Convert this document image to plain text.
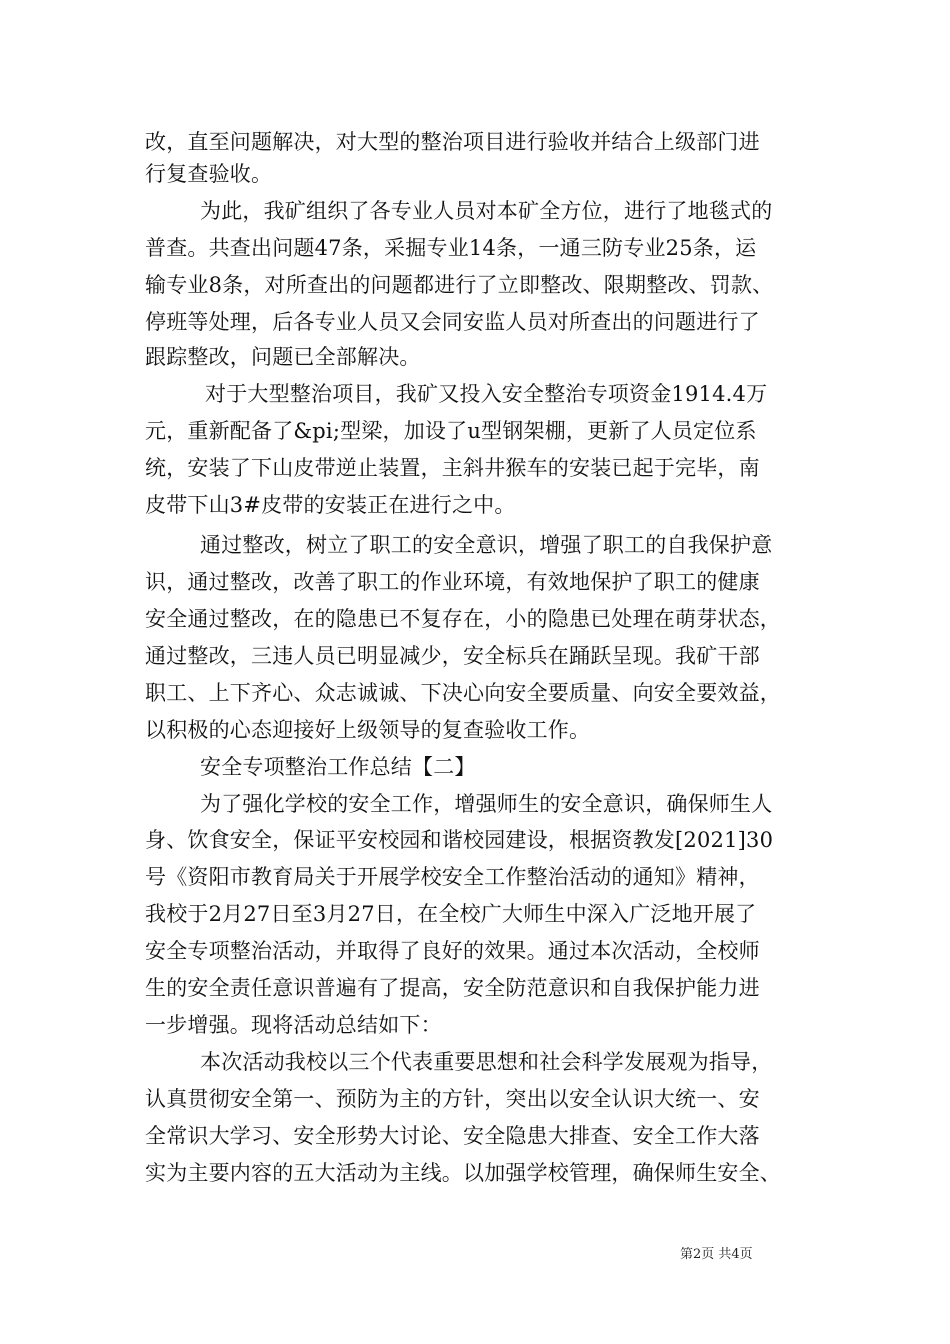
改，直至问题解决，对大型的整治项目进行验收并结合上级部门进
行复查验收。
为此，我矿组织了各专业人员对本矿全方位，进行了地毯式的
普查。共查出问题47条，采掘专业14条，一通三防专业25条，运
输专业8条，对所查出的问题都进行了立即整改、限期整改、罚款、
停班等处理，后各专业人员又会同安监人员对所查出的问题进行了
跟踪整改，问题已全部解决。
对于大型整治项目，我矿又投入安全整治专项资金1914.4万
元，重新配备了&pi;型梁，加设了u型钢架棚，更新了人员定位系
统，安装了下山皮带逆止装置，主斜井猴车的安装已起于完毕，南
皮带下山3#皮带的安装正在进行之中。
通过整改，树立了职工的安全意识，增强了职工的自我保护意
识，通过整改，改善了职工的作业环境，有效地保护了职工的健康
安全通过整改，在的隐患已不复存在，小的隐患已处理在萌芽状态，
通过整改，三违人员已明显减少，安全标兵在踊跃呈现。我矿干部
职工、上下齐心、众志诚诚、下决心向安全要质量、向安全要效益，
以积极的心态迎接好上级领导的复查验收工作。
安全专项整治工作总结【二】
为了强化学校的安全工作，增强师生的安全意识，确保师生人
身、饮食安全，保证平安校园和谐校园建设，根据资教发[2021]30
号《资阳市教育局关于开展学校安全工作整治活动的通知》精神，
我校于2月27日至3月27日，在全校广大师生中深入广泛地开展了
安全专项整治活动，并取得了良好的效果。通过本次活动，全校师
生的安全责任意识普遍有了提高，安全防范意识和自我保护能力进
一步增强。现将活动总结如下：
本次活动我校以三个代表重要思想和社会科学发展观为指导，
认真贯彻安全第一、预防为主的方针，突出以安全认识大统一、安
全常识大学习、安全形势大讨论、安全隐患大排查、安全工作大落
实为主要内容的五大活动为主线。以加强学校管理，确保师生安全、
第2页 共4页
